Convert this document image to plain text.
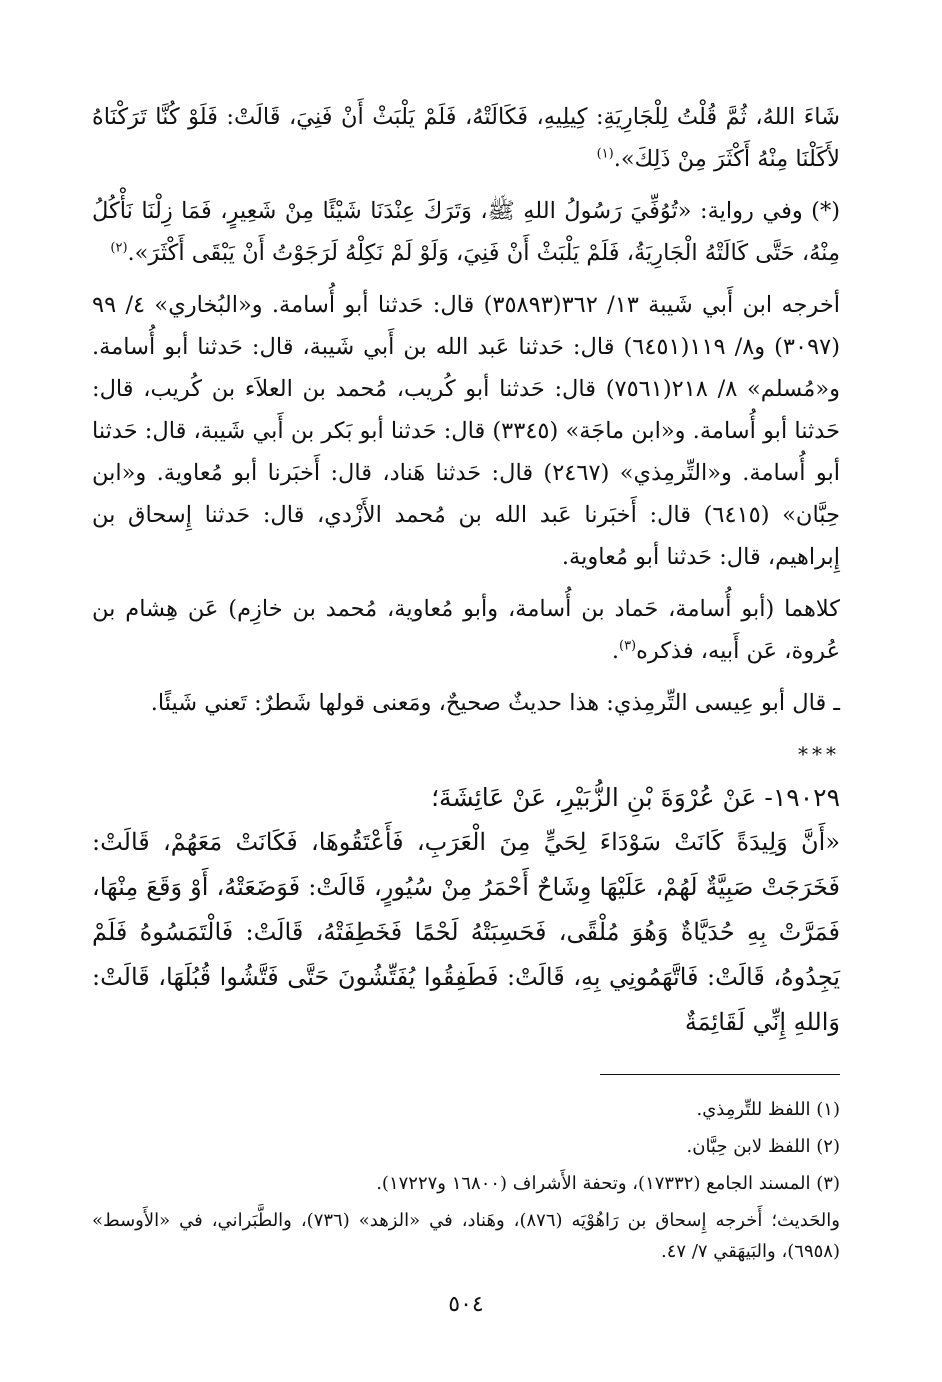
شَاءَ اللهُ، ثُمَّ قُلْتُ لِلْجَارِيَةِ: كِيلِيهِ، فَكَالَتْهُ، فَلَمْ يَلْبَثْ أَنْ فَنِيَ، قَالَتْ: فَلَوْ كُنَّا تَرَكْنَاهُ لأَكَلْنَا مِنْهُ أَكْثَرَ مِنْ ذَلِكَ».$^{(١)}$

(*) وفي رواية: «تُوُفِّيَ رَسُولُ اللهِ ﷺ، وَتَرَكَ عِنْدَنَا شَيْئًا مِنْ شَعِيرٍ، فَمَا زِلْنَا نَأْكُلُ مِنْهُ، حَتَّى كَالَتْهُ الْجَارِيَةُ، فَلَمْ يَلْبَثْ أَنْ فَنِيَ، وَلَوْ لَمْ نَكِلْهُ لَرَجَوْتُ أَنْ يَبْقَى أَكْثَرَ».$^{(٢)}$

أخرجه ابن أَبي شَيبة ١٣/ ٣٦٢(٣٥٨٩٣) قال: حَدثنا أبو أُسامة. و«البُخاري» ٤/ ٩٩ (٣٠٩٧) و٨/ ١١٩(٦٤٥١) قال: حَدثنا عَبد الله بن أَبي شَيبة، قال: حَدثنا أبو أُسامة. و«مُسلم» ٨/ ٢١٨(٧٥٦١) قال: حَدثنا أبو كُريب، مُحمد بن العلاَء بن كُريب، قال: حَدثنا أبو أُسامة. و«ابن ماجَة» (٣٣٤٥) قال: حَدثنا أبو بَكر بن أَبي شَيبة، قال: حَدثنا أبو أُسامة. و«التِّرمِذي» (٢٤٦٧) قال: حَدثنا هَناد، قال: أَخبَرنا أبو مُعاوية. و«ابن حِبَّان» (٦٤١٥) قال: أَخبَرنا عَبد الله بن مُحمد الأَزْدي، قال: حَدثنا إِسحاق بن إِبراهيم، قال: حَدثنا أبو مُعاوية.

كلاهما (أبو أُسامة، حَماد بن أُسامة، وأبو مُعاوية، مُحمد بن خازِم) عَن هِشام بن عُروة، عَن أَبيه، فذكره$^{(٣)}$.

ـ قال أبو عِيسى التِّرمِذي: هذا حديثٌ صحيحٌ، ومَعنى قولها شَطرٌ: تَعني شَيئًا.

***
١٩٠٢٩- عَنْ عُرْوَةَ بْنِ الزُّبَيْرِ، عَنْ عَائِشَةَ؛

«أَنَّ وَلِيدَةً كَانَتْ سَوْدَاءَ لِحَيٍّ مِنَ الْعَرَبِ، فَأَعْتَقُوهَا، فَكَانَتْ مَعَهُمْ، قَالَتْ: فَخَرَجَتْ صَبِيَّةٌ لَهُمْ، عَلَيْهَا وِشَاحٌ أَحْمَرُ مِنْ سُيُورٍ، قَالَتْ: فَوَضَعَتْهُ، أَوْ وَقَعَ مِنْهَا، فَمَرَّتْ بِهِ حُدَيَّاةٌ وَهُوَ مُلْقًى، فَحَسِبَتْهُ لَحْمًا فَخَطِفَتْهُ، قَالَتْ: فَالْتَمَسُوهُ فَلَمْ يَجِدُوهُ، قَالَتْ: فَاتَّهَمُونِي بِهِ، قَالَتْ: فَطَفِقُوا يُفَتِّشُونَ حَتَّى فَتَّشُوا قُبُلَهَا، قَالَتْ: وَاللهِ إِنِّي لَقَائِمَةٌ

(١) اللفظ للتِّرمِذي.

(٢) اللفظ لابن حِبَّان.

(٣) المسند الجامع (١٧٣٣٢)، وتحفة الأَشراف (١٦٨٠٠ و١٧٢٢٧).

والحَديث؛ أَخرجه إِسحاق بن رَاهُوْيَه (٨٧٦)، وهَناد، في «الزهد» (٧٣٦)، والطَّبَراني، في «الأَوسط» (٦٩٥٨)، والبَيهَقي ٧/ ٤٧.

٥٠٤
